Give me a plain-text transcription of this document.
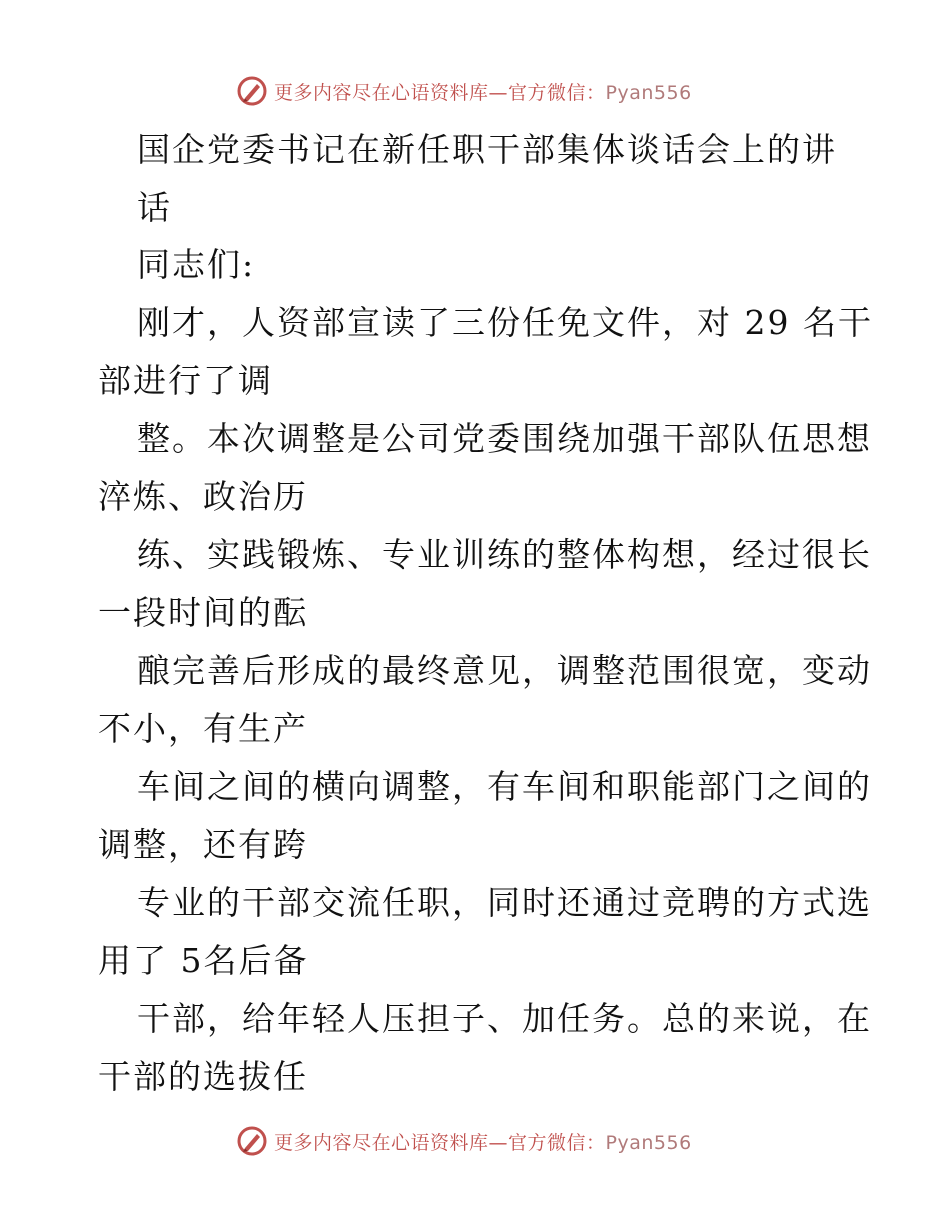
更多内容尽在心语资料库—官方微信：Pyan556
国企党委书记在新任职干部集体谈话会上的讲
话
同志们:
刚才，人资部宣读了三份任免文件，对 29 名干
部进行了调
整。本次调整是公司党委围绕加强干部队伍思想
淬炼、政治历
练、实践锻炼、专业训练的整体构想，经过很长
一段时间的酝
酿完善后形成的最终意见，调整范围很宽，变动
不小，有生产
车间之间的横向调整，有车间和职能部门之间的
调整，还有跨
专业的干部交流任职，同时还通过竞聘的方式选
用了 5名后备
干部，给年轻人压担子、加任务。总的来说，在
干部的选拔任
更多内容尽在心语资料库—官方微信：Pyan556
